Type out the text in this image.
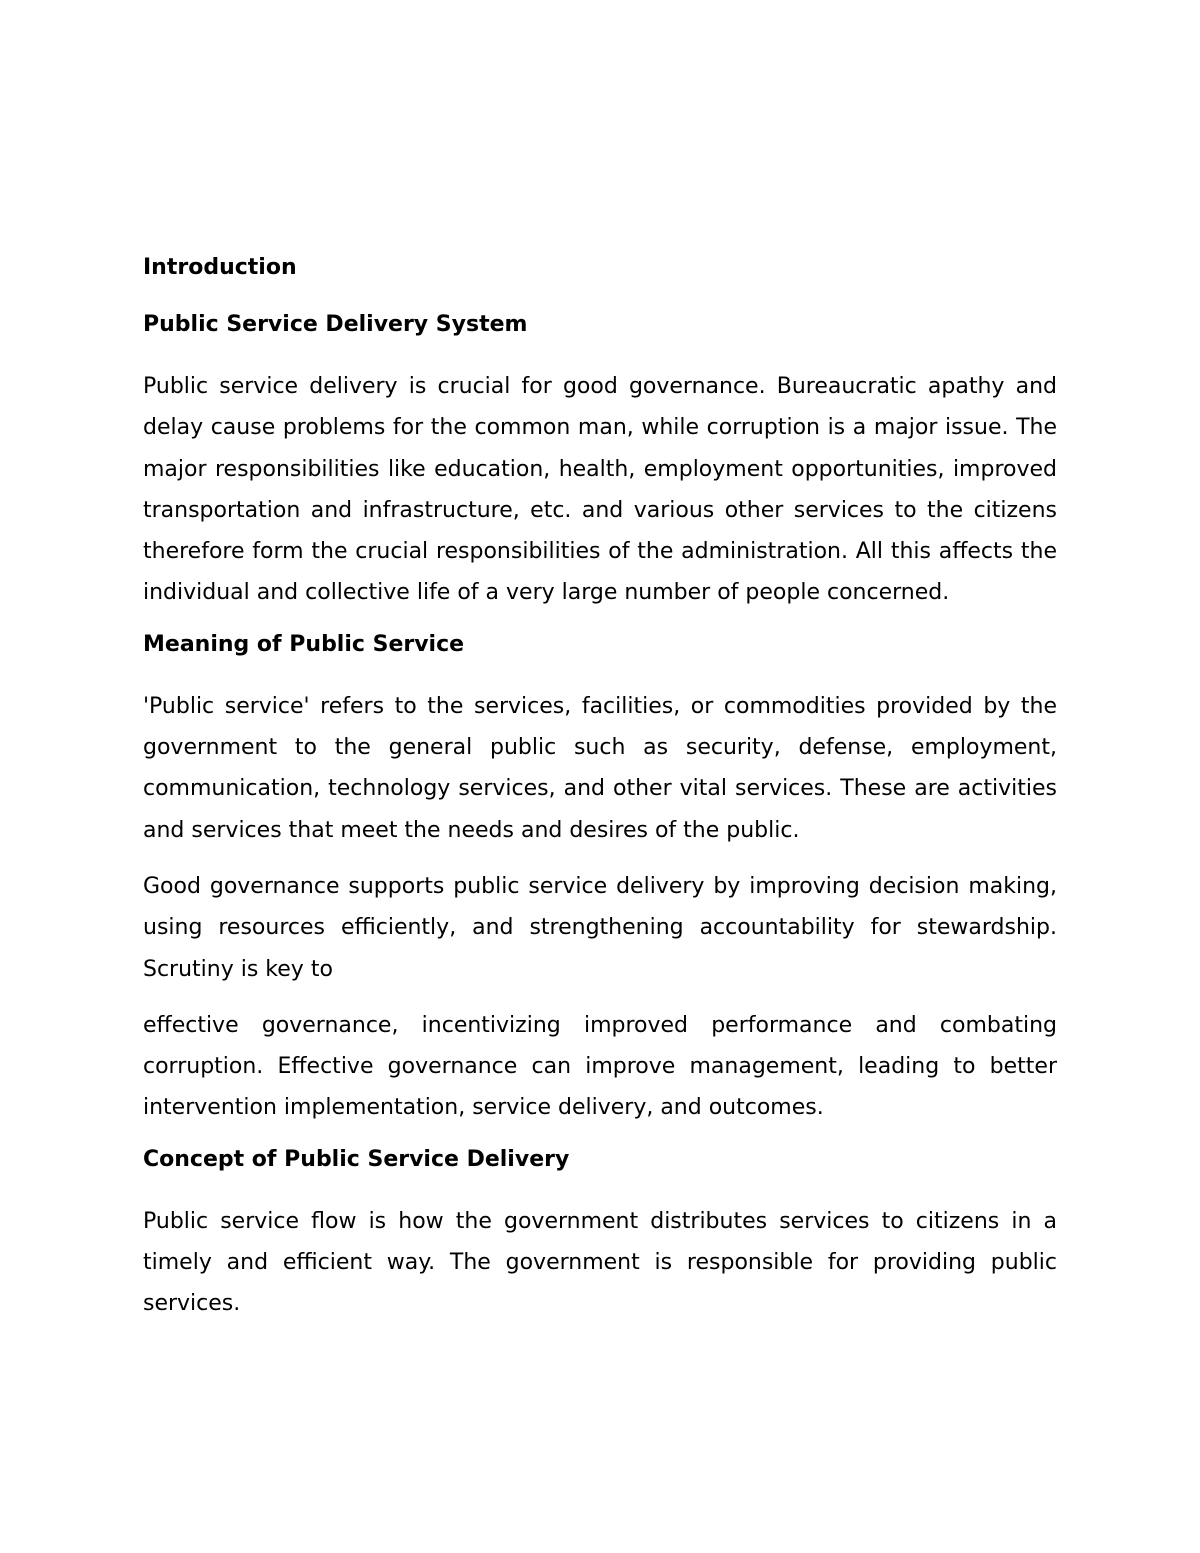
Introduction
Public Service Delivery System
Public service delivery is crucial for good governance. Bureaucratic apathy and delay cause problems for the common man, while corruption is a major issue. The major responsibilities like education, health, employment opportunities, improved transportation and infrastructure, etc. and various other services to the citizens therefore form the crucial responsibilities of the administration. All this affects the individual and collective life of a very large number of people concerned.
Meaning of Public Service
'Public service' refers to the services, facilities, or commodities provided by the government to the general public such as security, defense, employment, communication, technology services, and other vital services. These are activities and services that meet the needs and desires of the public.
Good governance supports public service delivery by improving decision making, using resources efficiently, and strengthening accountability for stewardship. Scrutiny is key to
effective governance, incentivizing improved performance and combating corruption. Effective governance can improve management, leading to better intervention implementation, service delivery, and outcomes.
Concept of Public Service Delivery
Public service flow is how the government distributes services to citizens in a timely and efficient way. The government is responsible for providing public services.
